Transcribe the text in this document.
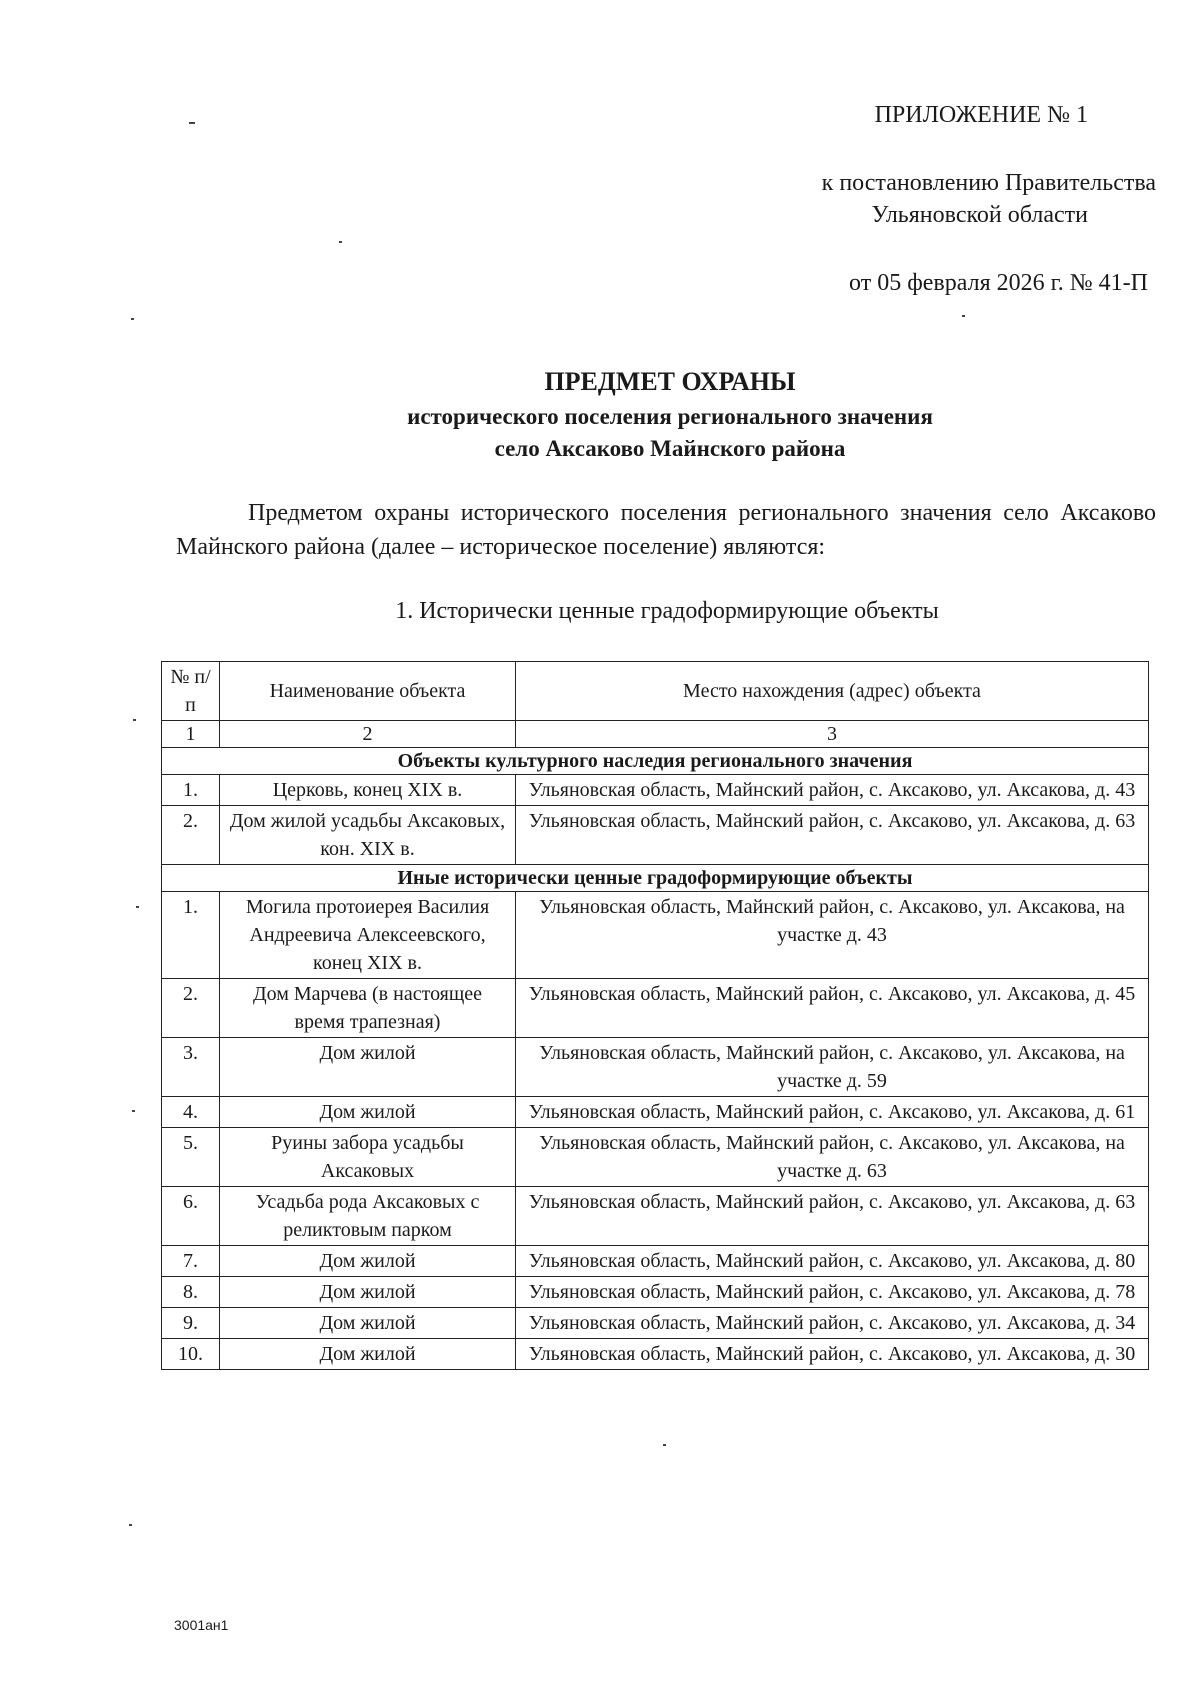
ПРИЛОЖЕНИЕ № 1
к постановлению Правительства
Ульяновской области
от 05 февраля 2026 г. № 41-П
ПРЕДМЕТ ОХРАНЫ
исторического поселения регионального значения
село Аксаково Майнского района
Предметом охраны исторического поселения регионального значения село Аксаково Майнского района (далее – историческое поселение) являются:
1. Исторически ценные градоформирующие объекты
№ п/п	Наименование объекта	Место нахождения (адрес) объекта
1	2	3
Объекты культурного наследия регионального значения		
1.	Церковь, конец XIX в.	Ульяновская область, Майнский район, с. Аксаково, ул. Аксакова, д. 43
2.	Дом жилой усадьбы Аксаковых, кон. XIX в.	Ульяновская область, Майнский район, с. Аксаково, ул. Аксакова, д. 63
Иные исторически ценные градоформирующие объекты		
1.	Могила протоиерея Василия Андреевича Алексеевского, конец XIX в.	Ульяновская область, Майнский район, с. Аксаково, ул. Аксакова, на участке д. 43
2.	Дом Марчева (в настоящее время трапезная)	Ульяновская область, Майнский район, с. Аксаково, ул. Аксакова, д. 45
3.	Дом жилой	Ульяновская область, Майнский район, с. Аксаково, ул. Аксакова, на участке д. 59
4.	Дом жилой	Ульяновская область, Майнский район, с. Аксаково, ул. Аксакова, д. 61
5.	Руины забора усадьбы Аксаковых	Ульяновская область, Майнский район, с. Аксаково, ул. Аксакова, на участке д. 63
6.	Усадьба рода Аксаковых с реликтовым парком	Ульяновская область, Майнский район, с. Аксаково, ул. Аксакова, д. 63
7.	Дом жилой	Ульяновская область, Майнский район, с. Аксаково, ул. Аксакова, д. 80
8.	Дом жилой	Ульяновская область, Майнский район, с. Аксаково, ул. Аксакова, д. 78
9.	Дом жилой	Ульяновская область, Майнский район, с. Аксаково, ул. Аксакова, д. 34
10.	Дом жилой	Ульяновская область, Майнский район, с. Аксаково, ул. Аксакова, д. 30
3001ан1
